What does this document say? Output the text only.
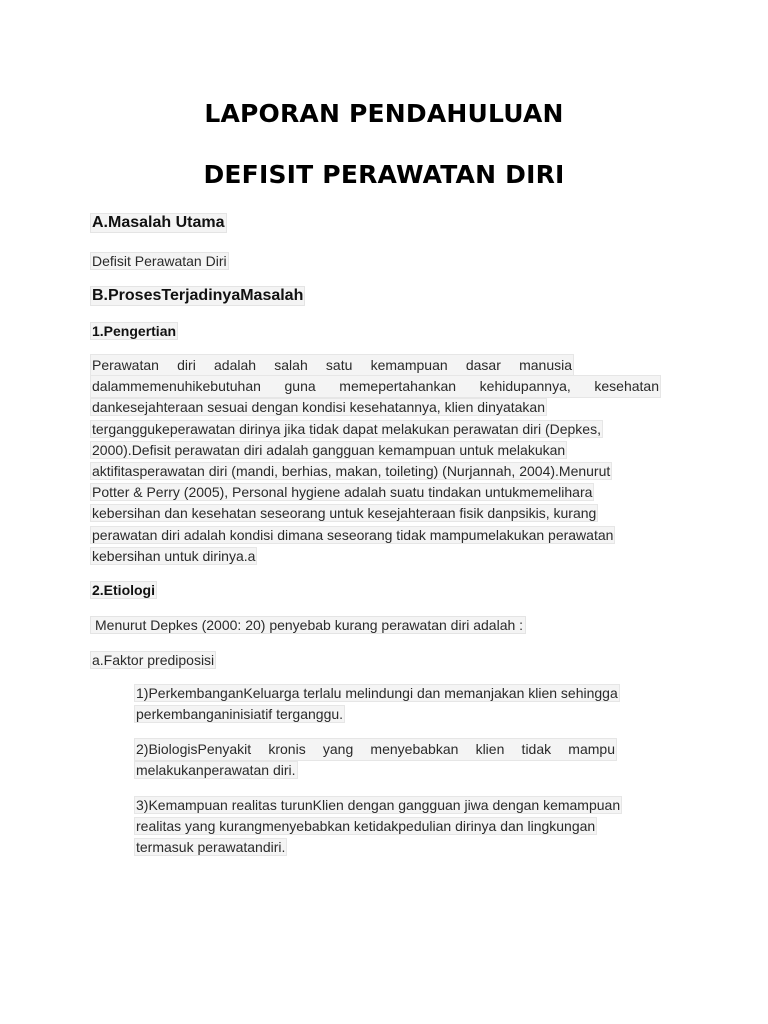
LAPORAN PENDAHULUAN
DEFISIT PERAWATAN DIRI
A.Masalah Utama
Defisit Perawatan Diri
B.ProsesTerjadinyaMasalah
1.Pengertian
Perawatan diri adalah salah satu kemampuan dasar manusia
dalammemenuhikebutuhan guna memepertahankan kehidupannya, kesehatan
dankesejahteraan sesuai dengan kondisi kesehatannya, klien dinyatakan
terganggukeperawatan dirinya jika tidak dapat melakukan perawatan diri (Depkes,
2000).Defisit perawatan diri adalah gangguan kemampuan untuk melakukan
aktifitasperawatan diri (mandi, berhias, makan, toileting) (Nurjannah, 2004).Menurut
Potter & Perry (2005), Personal hygiene adalah suatu tindakan untukmemelihara
kebersihan dan kesehatan seseorang untuk kesejahteraan fisik danpsikis, kurang
perawatan diri adalah kondisi dimana seseorang tidak mampumelakukan perawatan
kebersihan untuk dirinya.a
2.Etiologi
Menurut Depkes (2000: 20) penyebab kurang perawatan diri adalah :
a.Faktor prediposisi
1)PerkembanganKeluarga terlalu melindungi dan memanjakan klien sehingga
perkembanganinisiatif terganggu.
2)BiologisPenyakit kronis yang menyebabkan klien tidak mampu
melakukanperawatan diri.
3)Kemampuan realitas turunKlien dengan gangguan jiwa dengan kemampuan
realitas yang kurangmenyebabkan ketidakpedulian dirinya dan lingkungan
termasuk perawatandiri.
